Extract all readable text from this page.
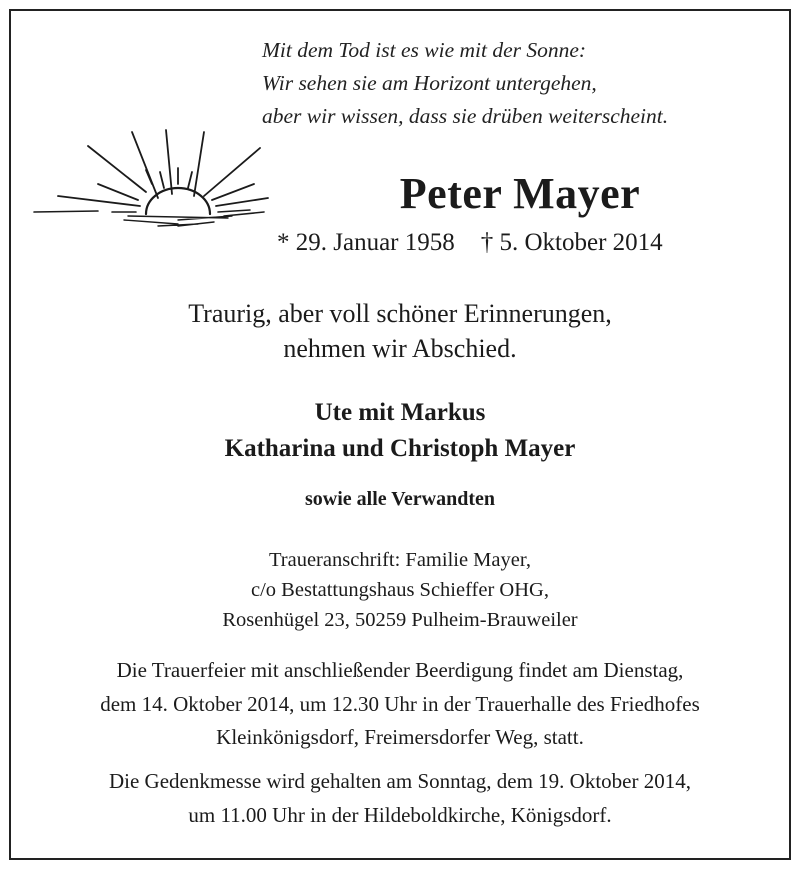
Mit dem Tod ist es wie mit der Sonne:
Wir sehen sie am Horizont untergehen,
aber wir wissen, dass sie drüben weiterscheint.
Peter Mayer
* 29. Januar 1958 † 5. Oktober 2014
Traurig, aber voll schöner Erinnerungen,
nehmen wir Abschied.
Ute mit Markus
Katharina und Christoph Mayer
sowie alle Verwandten
Traueranschrift: Familie Mayer,
c/o Bestattungshaus Schieffer OHG,
Rosenhügel 23, 50259 Pulheim-Brauweiler
Die Trauerfeier mit anschließender Beerdigung findet am Dienstag,
dem 14. Oktober 2014, um 12.30 Uhr in der Trauerhalle des Friedhofes
Kleinkönigsdorf, Freimersdorfer Weg, statt.
Die Gedenkmesse wird gehalten am Sonntag, dem 19. Oktober 2014,
um 11.00 Uhr in der Hildeboldkirche, Königsdorf.
